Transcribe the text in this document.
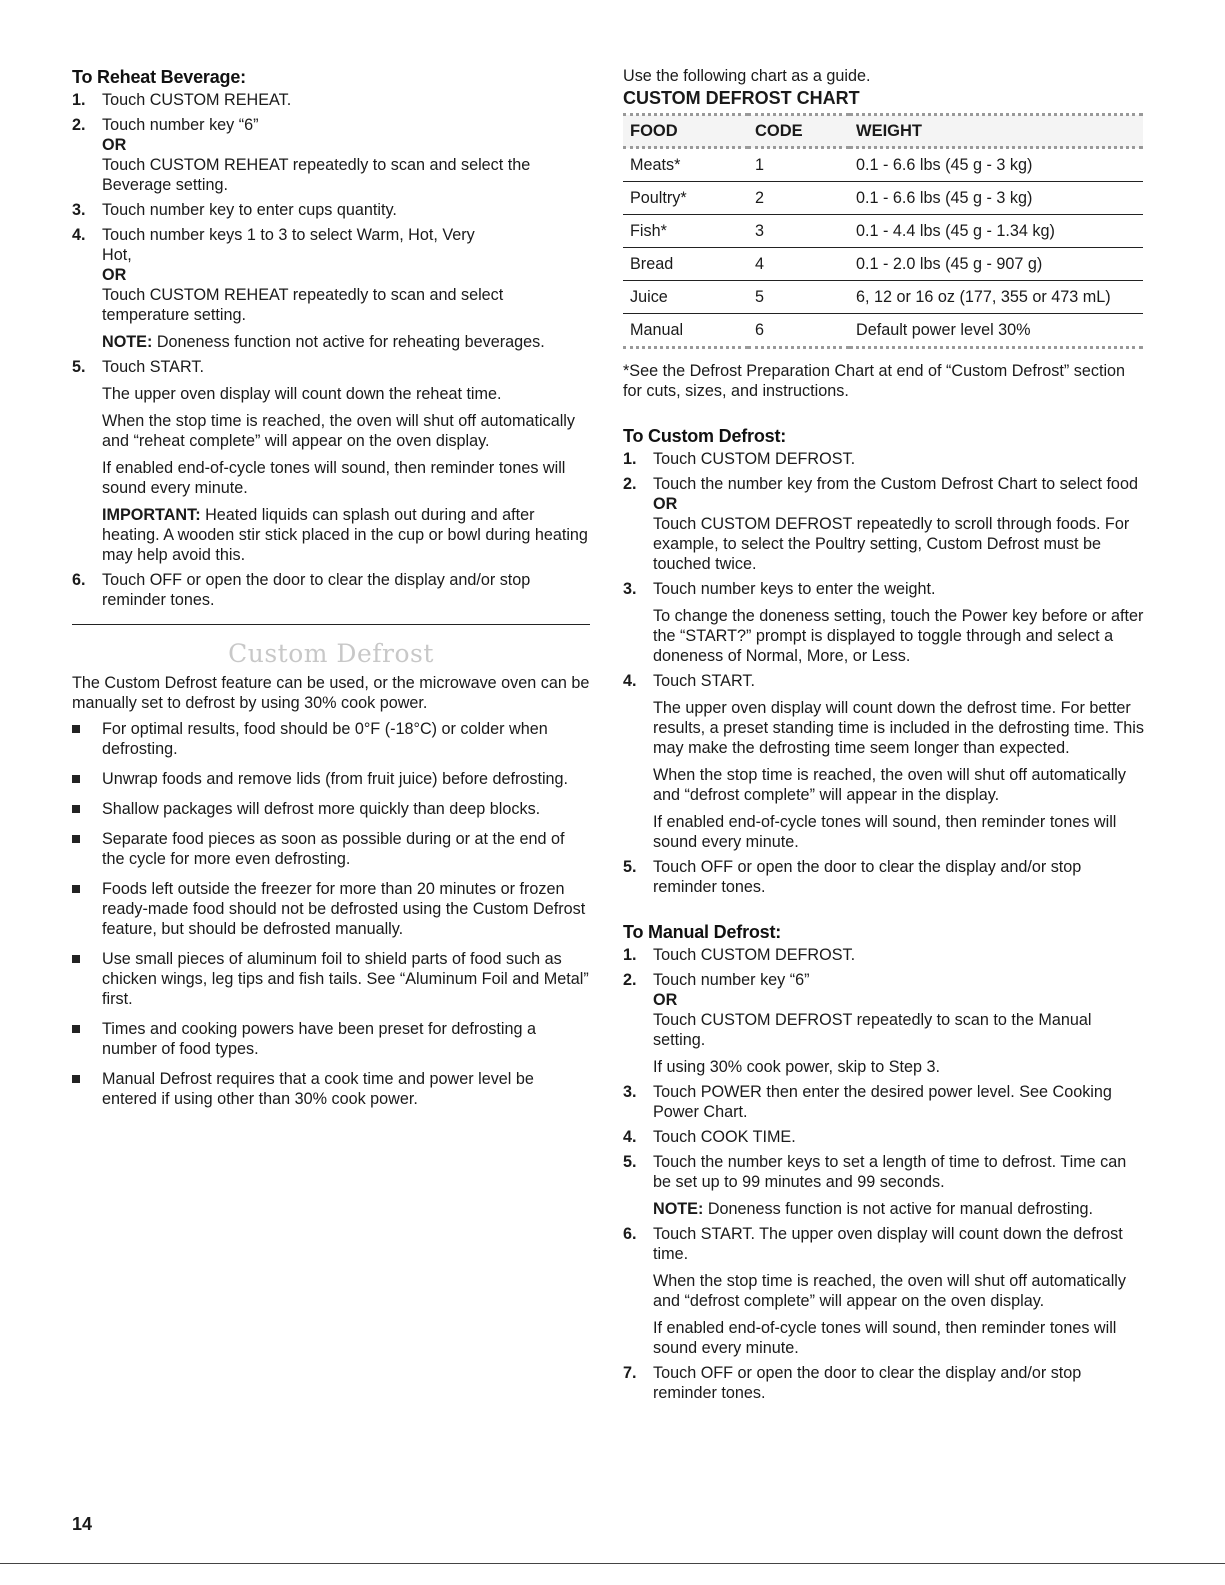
To Reheat Beverage:
1. Touch CUSTOM REHEAT.
2. Touch number key “6”
OR
Touch CUSTOM REHEAT repeatedly to scan and select the Beverage setting.
3. Touch number key to enter cups quantity.
4. Touch number keys 1 to 3 to select Warm, Hot, Very Hot,
OR
Touch CUSTOM REHEAT repeatedly to scan and select temperature setting.
NOTE: Doneness function not active for reheating beverages.
5. Touch START.
The upper oven display will count down the reheat time.
When the stop time is reached, the oven will shut off automatically and “reheat complete” will appear on the oven display.
If enabled end-of-cycle tones will sound, then reminder tones will sound every minute.
IMPORTANT: Heated liquids can splash out during and after heating. A wooden stir stick placed in the cup or bowl during heating may help avoid this.
6. Touch OFF or open the door to clear the display and/or stop reminder tones.
Custom Defrost
The Custom Defrost feature can be used, or the microwave oven can be manually set to defrost by using 30% cook power.
For optimal results, food should be 0°F (-18°C) or colder when defrosting.
Unwrap foods and remove lids (from fruit juice) before defrosting.
Shallow packages will defrost more quickly than deep blocks.
Separate food pieces as soon as possible during or at the end of the cycle for more even defrosting.
Foods left outside the freezer for more than 20 minutes or frozen ready-made food should not be defrosted using the Custom Defrost feature, but should be defrosted manually.
Use small pieces of aluminum foil to shield parts of food such as chicken wings, leg tips and fish tails. See “Aluminum Foil and Metal” first.
Times and cooking powers have been preset for defrosting a number of food types.
Manual Defrost requires that a cook time and power level be entered if using other than 30% cook power.
Use the following chart as a guide.
CUSTOM DEFROST CHART
FOOD	CODE	WEIGHT
Meats*	1	0.1 - 6.6 lbs (45 g - 3 kg)
Poultry*	2	0.1 - 6.6 lbs (45 g - 3 kg)
Fish*	3	0.1 - 4.4 lbs (45 g - 1.34 kg)
Bread	4	0.1 - 2.0 lbs (45 g - 907 g)
Juice	5	6, 12 or 16 oz (177, 355 or 473 mL)
Manual	6	Default power level 30%
*See the Defrost Preparation Chart at end of “Custom Defrost” section for cuts, sizes, and instructions.
To Custom Defrost:
1. Touch CUSTOM DEFROST.
2. Touch the number key from the Custom Defrost Chart to select food
OR
Touch CUSTOM DEFROST repeatedly to scroll through foods. For example, to select the Poultry setting, Custom Defrost must be touched twice.
3. Touch number keys to enter the weight.
To change the doneness setting, touch the Power key before or after the “START?” prompt is displayed to toggle through and select a doneness of Normal, More, or Less.
4. Touch START.
The upper oven display will count down the defrost time. For better results, a preset standing time is included in the defrosting time. This may make the defrosting time seem longer than expected.
When the stop time is reached, the oven will shut off automatically and “defrost complete” will appear in the display.
If enabled end-of-cycle tones will sound, then reminder tones will sound every minute.
5. Touch OFF or open the door to clear the display and/or stop reminder tones.
To Manual Defrost:
1. Touch CUSTOM DEFROST.
2. Touch number key “6”
OR
Touch CUSTOM DEFROST repeatedly to scan to the Manual setting.
If using 30% cook power, skip to Step 3.
3. Touch POWER then enter the desired power level. See Cooking Power Chart.
4. Touch COOK TIME.
5. Touch the number keys to set a length of time to defrost. Time can be set up to 99 minutes and 99 seconds.
NOTE: Doneness function is not active for manual defrosting.
6. Touch START. The upper oven display will count down the defrost time.
When the stop time is reached, the oven will shut off automatically and “defrost complete” will appear on the oven display.
If enabled end-of-cycle tones will sound, then reminder tones will sound every minute.
7. Touch OFF or open the door to clear the display and/or stop reminder tones.
14
